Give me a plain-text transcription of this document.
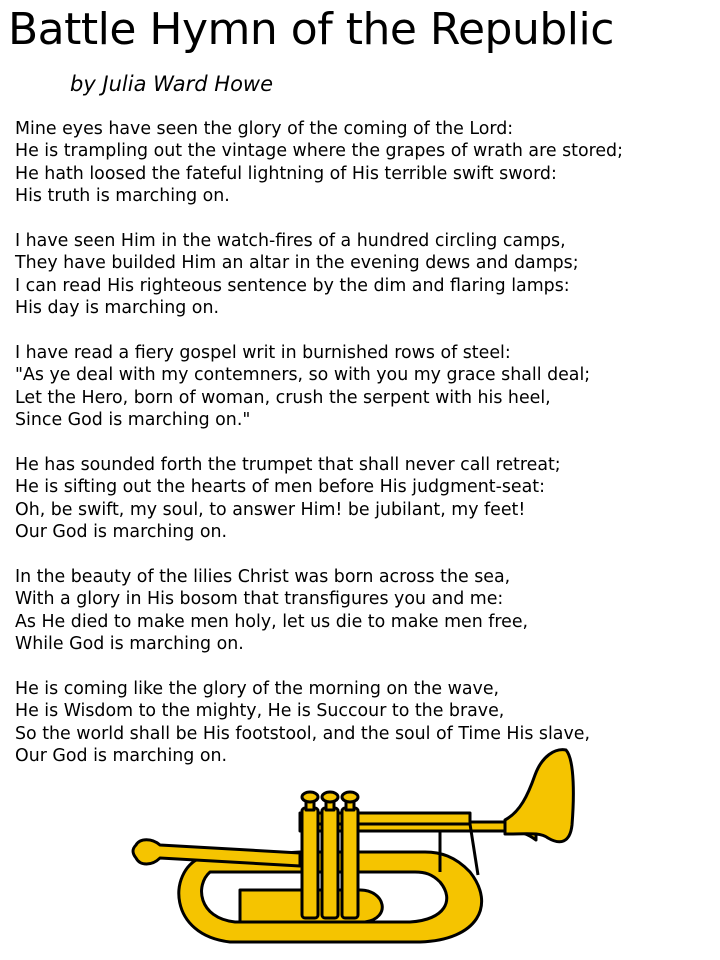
Battle Hymn of the Republic
by Julia Ward Howe
Mine eyes have seen the glory of the coming of the Lord:
He is trampling out the vintage where the grapes of wrath are stored;
He hath loosed the fateful lightning of His terrible swift sword:
His truth is marching on.
I have seen Him in the watch-fires of a hundred circling camps,
They have builded Him an altar in the evening dews and damps;
I can read His righteous sentence by the dim and flaring lamps:
His day is marching on.
I have read a fiery gospel writ in burnished rows of steel:
"As ye deal with my contemners, so with you my grace shall deal;
Let the Hero, born of woman, crush the serpent with his heel,
Since God is marching on."
He has sounded forth the trumpet that shall never call retreat;
He is sifting out the hearts of men before His judgment-seat:
Oh, be swift, my soul, to answer Him! be jubilant, my feet!
Our God is marching on.
In the beauty of the lilies Christ was born across the sea,
With a glory in His bosom that transfigures you and me:
As He died to make men holy, let us die to make men free,
While God is marching on.
He is coming like the glory of the morning on the wave,
He is Wisdom to the mighty, He is Succour to the brave,
So the world shall be His footstool, and the soul of Time His slave,
Our God is marching on.
